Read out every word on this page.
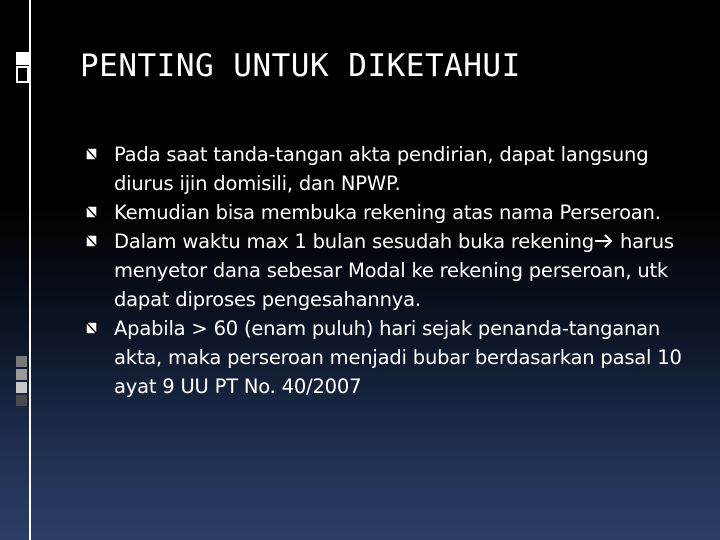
PENTING UNTUK DIKETAHUI
Pada saat tanda-tangan akta pendirian, dapat langsung diurus ijin domisili, dan NPWP.
Kemudian bisa membuka rekening atas nama Perseroan.
Dalam waktu max 1 bulan sesudah buka rekening harus menyetor dana sebesar Modal ke rekening perseroan, utk dapat diproses pengesahannya.
Apabila > 60 (enam puluh) hari sejak penanda-tanganan akta, maka perseroan menjadi bubar berdasarkan pasal 10 ayat 9 UU PT No. 40/2007
